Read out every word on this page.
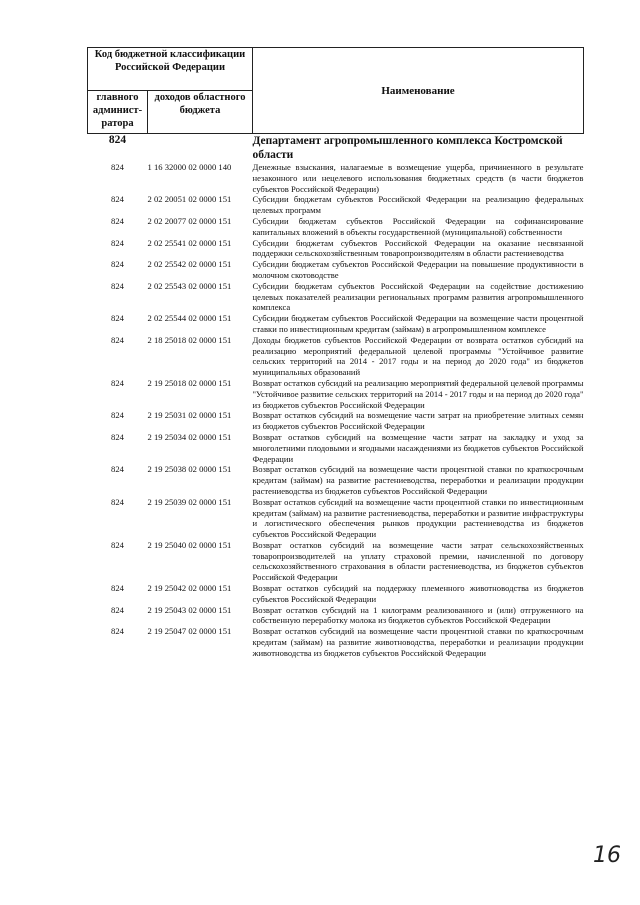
Код бюджетной классификации Российской Федерации		Наименование
главного админист-ратора	доходов областного бюджета	
824		Департамент агропромышленного комплекса Костромской области
824	1 16 32000 02 0000 140	Денежные взыскания, налагаемые в возмещение ущерба, причиненного в результате незаконного или нецелевого использования бюджетных средств (в части бюджетов субъектов Российской Федерации)
824	2 02 20051 02 0000 151	Субсидии бюджетам субъектов Российской Федерации на реализацию федеральных целевых программ
824	2 02 20077 02 0000 151	Субсидии бюджетам субъектов Российской Федерации на софинансирование капитальных вложений в объекты государственной (муниципальной) собственности
824	2 02 25541 02 0000 151	Субсидии бюджетам субъектов Российской Федерации на оказание несвязанной поддержки сельскохозяйственным товаропроизводителям в области растениеводства
824	2 02 25542 02 0000 151	Субсидии бюджетам субъектов Российской Федерации на повышение продуктивности в молочном скотоводстве
824	2 02 25543 02 0000 151	Субсидии бюджетам субъектов Российской Федерации на содействие достижению целевых показателей реализации региональных программ развития агропромышленного комплекса
824	2 02 25544 02 0000 151	Субсидии бюджетам субъектов Российской Федерации на возмещение части процентной ставки по инвестиционным кредитам (займам) в агропромышленном комплексе
824	2 18 25018 02 0000 151	Доходы бюджетов субъектов Российской Федерации от возврата остатков субсидий на реализацию мероприятий федеральной целевой программы "Устойчивое развитие сельских территорий на 2014 - 2017 годы и на период до 2020 года" из бюджетов муниципальных образований
824	2 19 25018 02 0000 151	Возврат остатков субсидий на реализацию мероприятий федеральной целевой программы "Устойчивое развитие сельских территорий на 2014 - 2017 годы и на период до 2020 года" из бюджетов субъектов Российской Федерации
824	2 19 25031 02 0000 151	Возврат остатков субсидий на возмещение части затрат на приобретение элитных семян из бюджетов субъектов Российской Федерации
824	2 19 25034 02 0000 151	Возврат остатков субсидий на возмещение части затрат на закладку и уход за многолетними плодовыми и ягодными насаждениями из бюджетов субъектов Российской Федерации
824	2 19 25038 02 0000 151	Возврат остатков субсидий на возмещение части процентной ставки по краткосрочным кредитам (займам) на развитие растениеводства, переработки и реализации продукции растениеводства из бюджетов субъектов Российской Федерации
824	2 19 25039 02 0000 151	Возврат остатков субсидий на возмещение части процентной ставки по инвестиционным кредитам (займам) на развитие растениеводства, переработки и развитие инфраструктуры и логистического обеспечения рынков продукции растениеводства из бюджетов субъектов Российской Федерации
824	2 19 25040 02 0000 151	Возврат остатков субсидий на возмещение части затрат сельскохозяйственных товаропроизводителей на уплату страховой премии, начисленной по договору сельскохозяйственного страхования в области растениеводства, из бюджетов субъектов Российской Федерации
824	2 19 25042 02 0000 151	Возврат остатков субсидий на поддержку племенного животноводства из бюджетов субъектов Российской Федерации
824	2 19 25043 02 0000 151	Возврат остатков субсидий на 1 килограмм реализованного и (или) отгруженного на собственную переработку молока из бюджетов субъектов Российской Федерации
824	2 19 25047 02 0000 151	Возврат остатков субсидий на возмещение части процентной ставки по краткосрочным кредитам (займам) на развитие животноводства, переработки и реализации продукции животноводства из бюджетов субъектов Российской Федерации
16
